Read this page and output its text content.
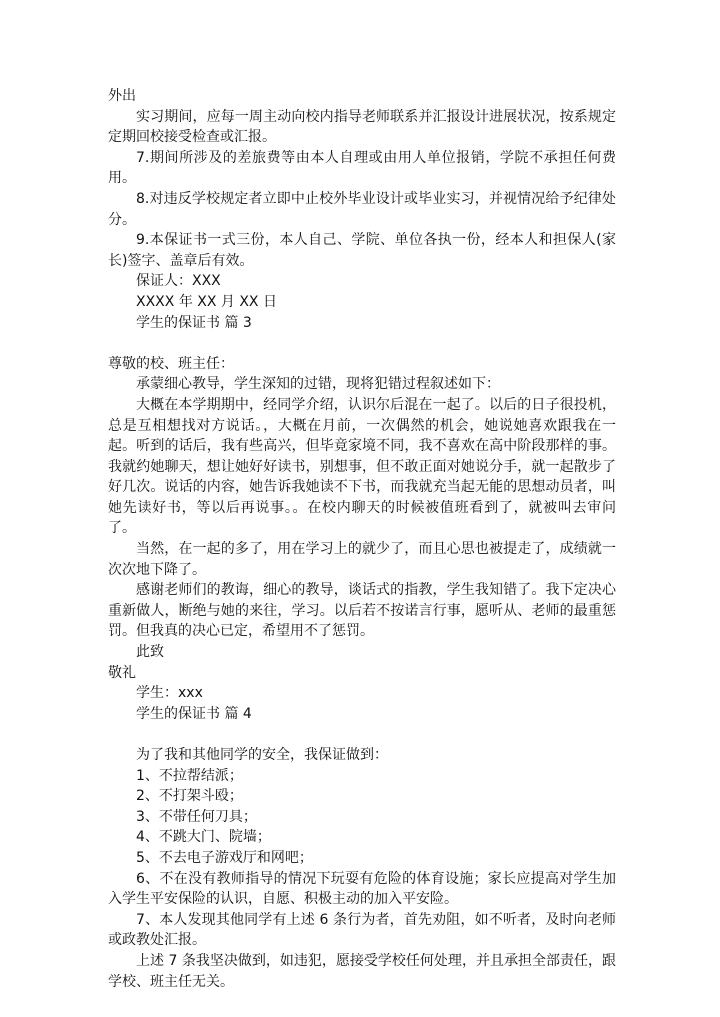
外出

实习期间，应每一周主动向校内指导老师联系并汇报设计进展状况，按系规定定期回校接受检查或汇报。

7.期间所涉及的差旅费等由本人自理或由用人单位报销，学院不承担任何费用。

8.对违反学校规定者立即中止校外毕业设计或毕业实习，并视情况给予纪律处分。

9.本保证书一式三份，本人自己、学院、单位各执一份，经本人和担保人(家长)签字、盖章后有效。

保证人：XXX

XXXX 年 XX 月 XX 日

学生的保证书 篇 3

尊敬的校、班主任：

承蒙细心教导，学生深知的过错，现将犯错过程叙述如下：

大概在本学期期中，经同学介绍，认识尔后混在一起了。以后的日子很投机，总是互相想找对方说话。，大概在月前，一次偶然的机会，她说她喜欢跟我在一起。听到的话后，我有些高兴，但毕竟家境不同，我不喜欢在高中阶段那样的事。我就约她聊天，想让她好好读书，别想事，但不敢正面对她说分手，就一起散步了好几次。说话的内容，她告诉我她读不下书，而我就充当起无能的思想动员者，叫她先读好书，等以后再说事。。在校内聊天的时候被值班看到了，就被叫去审问了。

当然，在一起的多了，用在学习上的就少了，而且心思也被提走了，成绩就一次次地下降了。

感谢老师们的教诲，细心的教导，谈话式的指教，学生我知错了。我下定决心重新做人，断绝与她的来往，学习。以后若不按诺言行事，愿听从、老师的最重惩罚。但我真的决心已定，希望用不了惩罚。

此致

敬礼

学生：xxx

学生的保证书 篇 4

为了我和其他同学的安全，我保证做到：

1、不拉帮结派；

2、不打架斗殴；

3、不带任何刀具；

4、不跳大门、院墙；

5、不去电子游戏厅和网吧；

6、不在没有教师指导的情况下玩耍有危险的体育设施；家长应提高对学生加入学生平安保险的认识，自愿、积极主动的加入平安险。

7、本人发现其他同学有上述 6 条行为者，首先劝阻，如不听者，及时向老师或政教处汇报。

上述 7 条我坚决做到，如违犯，愿接受学校任何处理，并且承担全部责任，跟学校、班主任无关。
